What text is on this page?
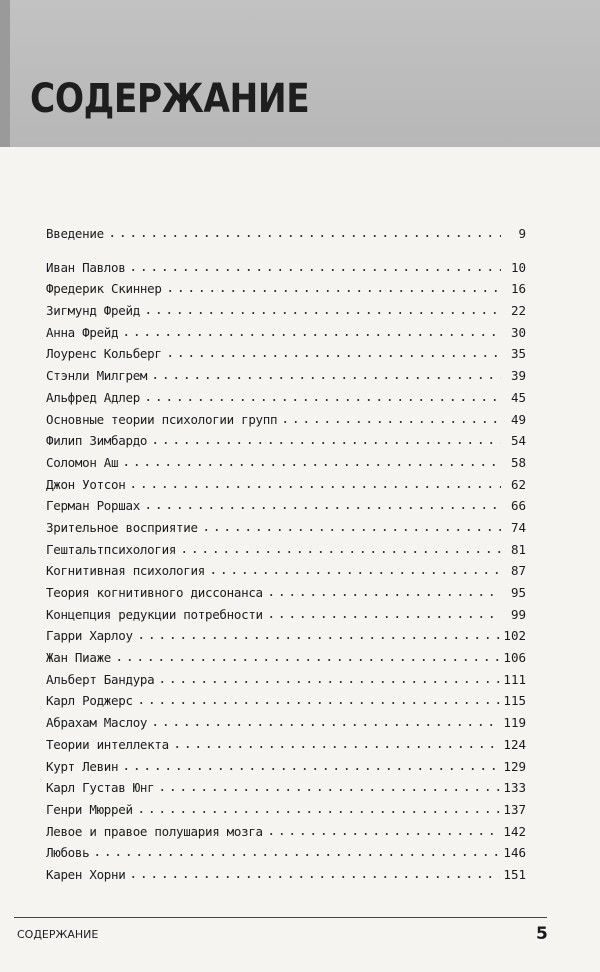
СОДЕРЖАНИЕ
Введение	9
Иван Павлов	10
Фредерик Скиннер	16
Зигмунд Фрейд	22
Анна Фрейд	30
Лоуренс Кольберг	35
Стэнли Милгрем	39
Альфред Адлер	45
Основные теории психологии групп	49
Филип Зимбардо	54
Соломон Аш	58
Джон Уотсон	62
Герман Роршах	66
Зрительное восприятие	74
Гештальтпсихология	81
Когнитивная психология	87
Теория когнитивного диссонанса	95
Концепция редукции потребности	99
Гарри Харлоу	102
Жан Пиаже	106
Альберт Бандура	111
Карл Роджерс	115
Абрахам Маслоу	119
Теории интеллекта	124
Курт Левин	129
Карл Густав Юнг	133
Генри Мюррей	137
Левое и правое полушария мозга	142
Любовь	146
Карен Хорни	151
СОДЕРЖАНИЕ	5
